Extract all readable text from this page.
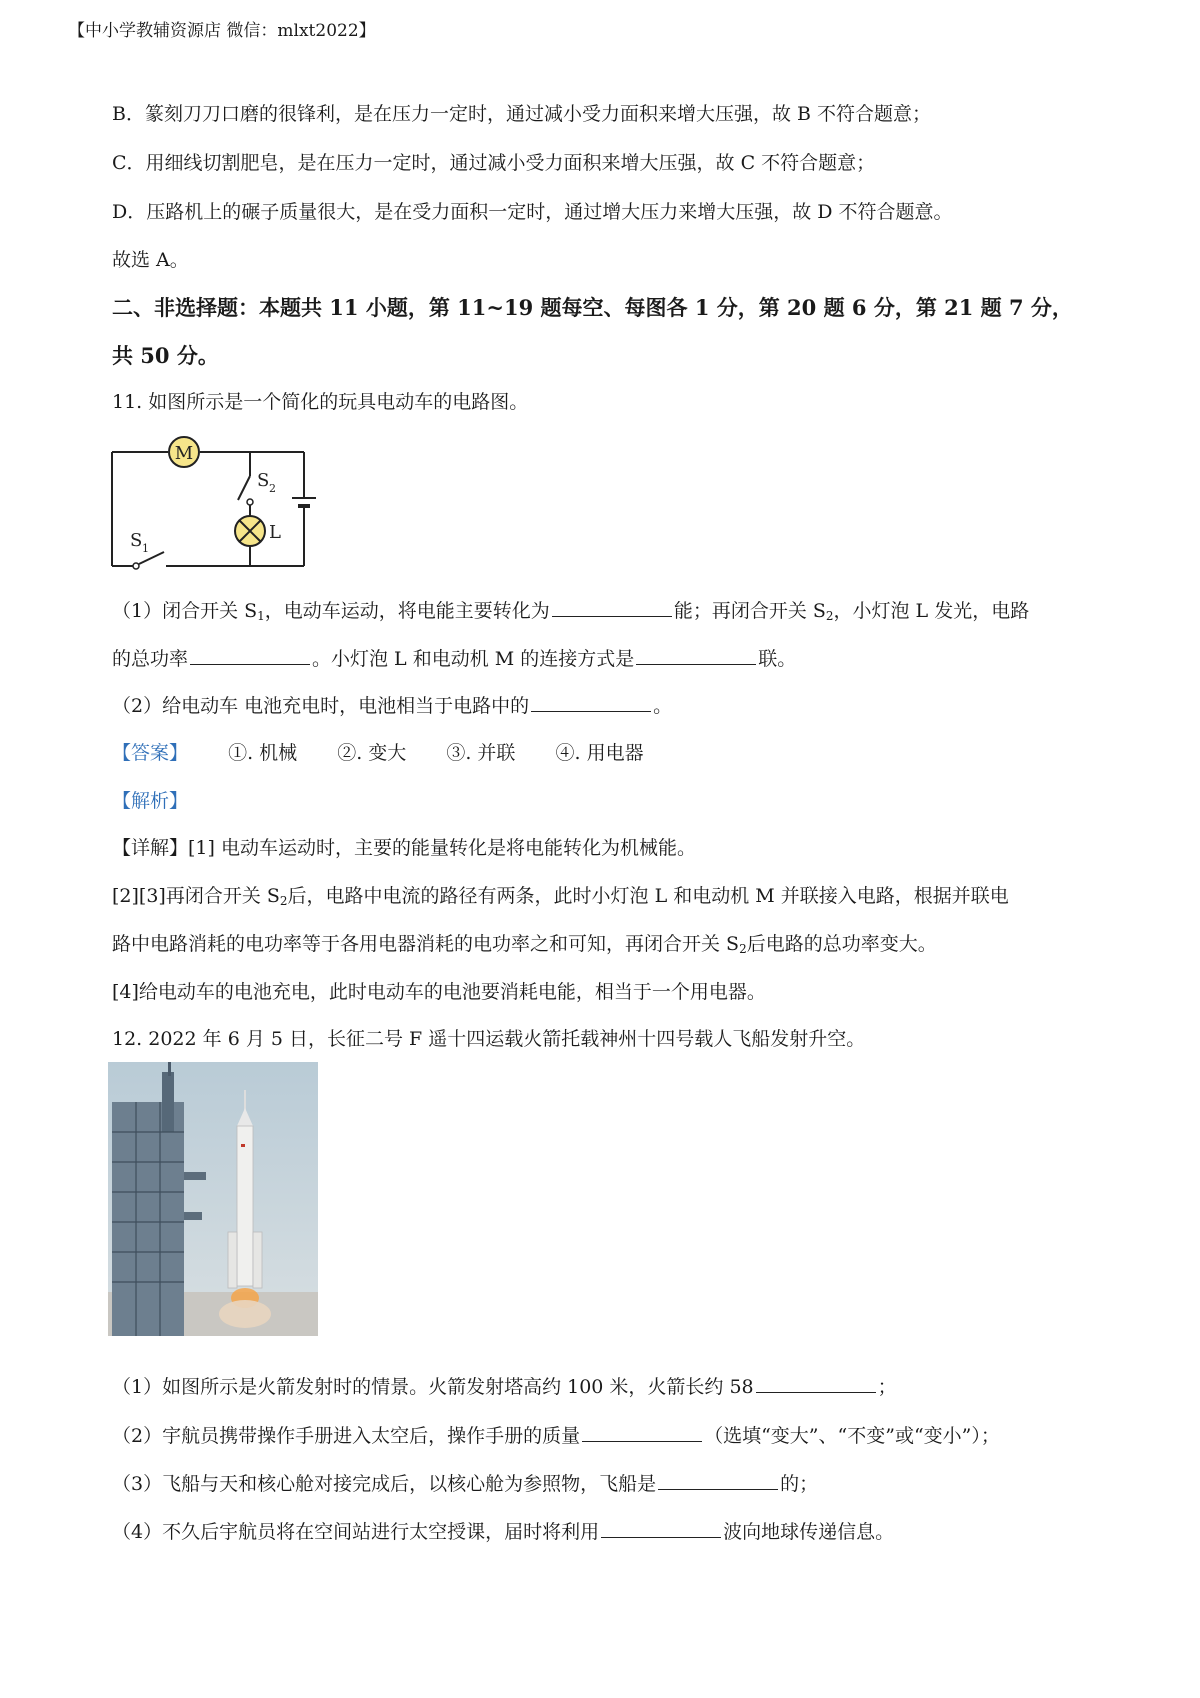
【中小学教辅资源店 微信：mlxt2022】
B．篆刻刀刀口磨的很锋利，是在压力一定时，通过减小受力面积来增大压强，故 B 不符合题意；
C．用细线切割肥皂，是在压力一定时，通过减小受力面积来增大压强，故 C 不符合题意；
D．压路机上的碾子质量很大，是在受力面积一定时，通过增大压力来增大压强，故 D 不符合题意。
故选 A。
二、非选择题：本题共 11 小题，第 11~19 题每空、每图各 1 分，第 20 题 6 分，第 21 题 7 分，
共 50 分。
11. 如图所示是一个简化的玩具电动车的电路图。
M
S 2
L
S 1
（1）闭合开关 $S_1$，电动车运动，将电能主要转化为	能；再闭合开关 $S_2$，小灯泡 L 发光，电路
的总功率	。小灯泡 L 和电动机 M 的连接方式是	联。
（2）给电动车 电池充电时，电池相当于电路中的	。
【答案】 ①. 机械 ②. 变大 ③. 并联 ④. 用电器
【解析】
【详解】[1] 电动车运动时，主要的能量转化是将电能转化为机械能。
[2][3]再闭合开关 $S_2$后，电路中电流的路径有两条，此时小灯泡 L 和电动机 M 并联接入电路，根据并联电
路中电路消耗的电功率等于各用电器消耗的电功率之和可知，再闭合开关 $S_2$后电路的总功率变大。
[4]给电动车的电池充电，此时电动车的电池要消耗电能，相当于一个用电器。
12. 2022 年 6 月 5 日，长征二号 F 遥十四运载火箭托载神州十四号载人飞船发射升空。
（1）如图所示是火箭发射时的情景。火箭发射塔高约 100 米，火箭长约 58	；
（2）宇航员携带操作手册进入太空后，操作手册的质量	（选填“变大”、“不变”或“变小”）；
（3）飞船与天和核心舱对接完成后，以核心舱为参照物，飞船是	的；
（4）不久后宇航员将在空间站进行太空授课，届时将利用	波向地球传递信息。
